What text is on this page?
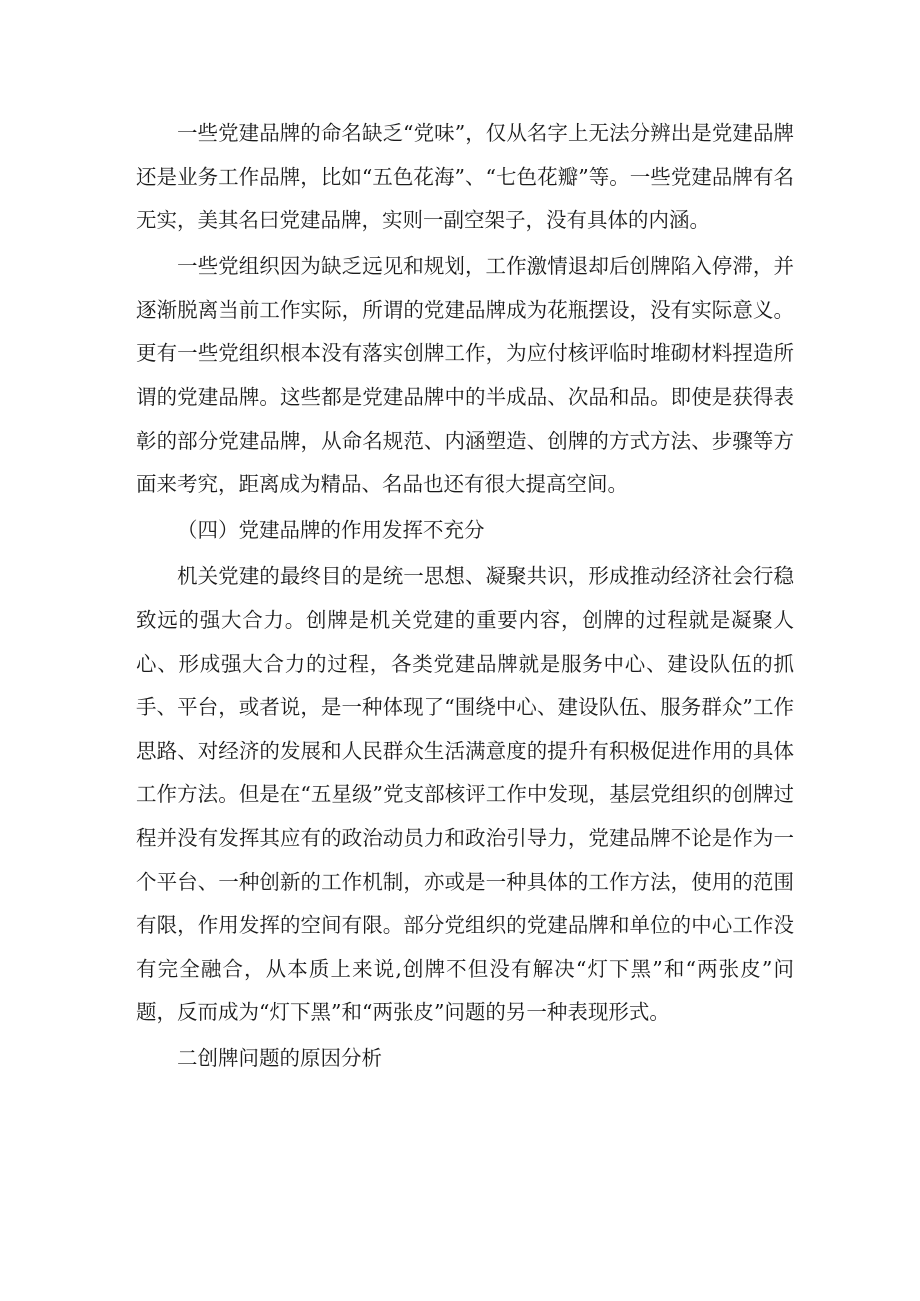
一些党建品牌的命名缺乏“党味”，仅从名字上无法分辨出是党建品牌还是业务工作品牌，比如“五色花海”、“七色花瓣”等。一些党建品牌有名无实，美其名曰党建品牌，实则一副空架子，没有具体的内涵。

一些党组织因为缺乏远见和规划，工作激情退却后创牌陷入停滞，并逐渐脱离当前工作实际，所谓的党建品牌成为花瓶摆设，没有实际意义。更有一些党组织根本没有落实创牌工作，为应付核评临时堆砌材料捏造所谓的党建品牌。这些都是党建品牌中的半成品、次品和品。即使是获得表彰的部分党建品牌，从命名规范、内涵塑造、创牌的方式方法、步骤等方面来考究，距离成为精品、名品也还有很大提高空间。

（四）党建品牌的作用发挥不充分

机关党建的最终目的是统一思想、凝聚共识，形成推动经济社会行稳致远的强大合力。创牌是机关党建的重要内容，创牌的过程就是凝聚人心、形成强大合力的过程，各类党建品牌就是服务中心、建设队伍的抓手、平台，或者说，是一种体现了“围绕中心、建设队伍、服务群众”工作思路、对经济的发展和人民群众生活满意度的提升有积极促进作用的具体工作方法。但是在“五星级”党支部核评工作中发现，基层党组织的创牌过程并没有发挥其应有的政治动员力和政治引导力，党建品牌不论是作为一个平台、一种创新的工作机制，亦或是一种具体的工作方法，使用的范围有限，作用发挥的空间有限。部分党组织的党建品牌和单位的中心工作没有完全融合，从本质上来说,创牌不但没有解决“灯下黑”和“两张皮”问题，反而成为“灯下黑”和“两张皮”问题的另一种表现形式。

二创牌问题的原因分析
